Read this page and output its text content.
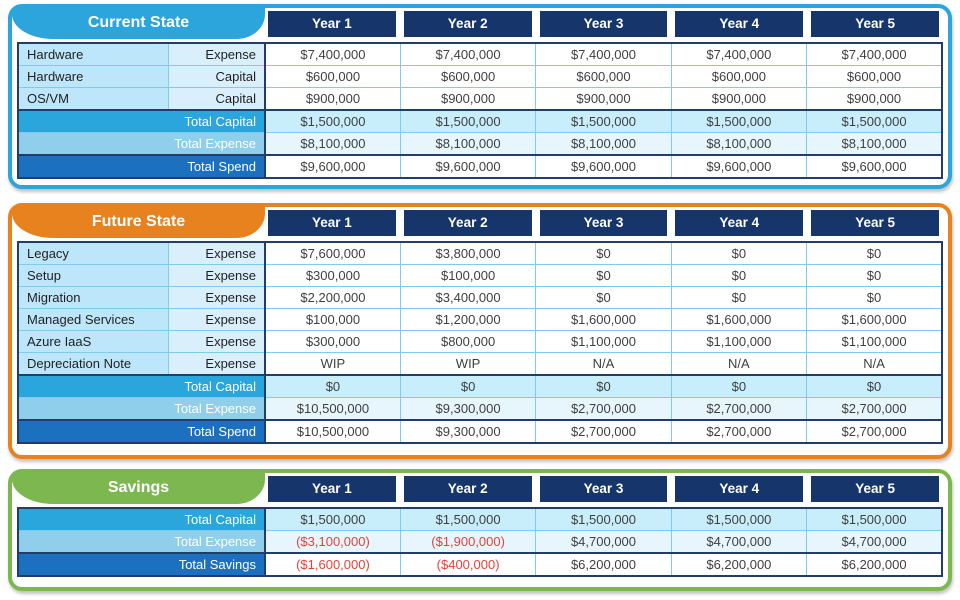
Current State	Year 1	Year 2	Year 3	Year 4	Year 5
Hardware	Expense	$7,400,000	$7,400,000	$7,400,000	$7,400,000	$7,400,000
Hardware	Capital	$600,000	$600,000	$600,000	$600,000	$600,000
OS/VM	Capital	$900,000	$900,000	$900,000	$900,000	$900,000
Total Capital		$1,500,000	$1,500,000	$1,500,000	$1,500,000	$1,500,000
Total Expense		$8,100,000	$8,100,000	$8,100,000	$8,100,000	$8,100,000
Total Spend		$9,600,000	$9,600,000	$9,600,000	$9,600,000	$9,600,000
Future State	Year 1	Year 2	Year 3	Year 4	Year 5
Legacy	Expense	$7,600,000	$3,800,000	$0	$0	$0
Setup	Expense	$300,000	$100,000	$0	$0	$0
Migration	Expense	$2,200,000	$3,400,000	$0	$0	$0
Managed Services	Expense	$100,000	$1,200,000	$1,600,000	$1,600,000	$1,600,000
Azure IaaS	Expense	$300,000	$800,000	$1,100,000	$1,100,000	$1,100,000
Depreciation Note	Expense	WIP	WIP	N/A	N/A	N/A
Total Capital		$0	$0	$0	$0	$0
Total Expense		$10,500,000	$9,300,000	$2,700,000	$2,700,000	$2,700,000
Total Spend		$10,500,000	$9,300,000	$2,700,000	$2,700,000	$2,700,000
Savings	Year 1	Year 2	Year 3	Year 4	Year 5
Total Capital	$1,500,000	$1,500,000	$1,500,000	$1,500,000	$1,500,000
Total Expense	($3,100,000)	($1,900,000)	$4,700,000	$4,700,000	$4,700,000
Total Savings	($1,600,000)	($400,000)	$6,200,000	$6,200,000	$6,200,000
